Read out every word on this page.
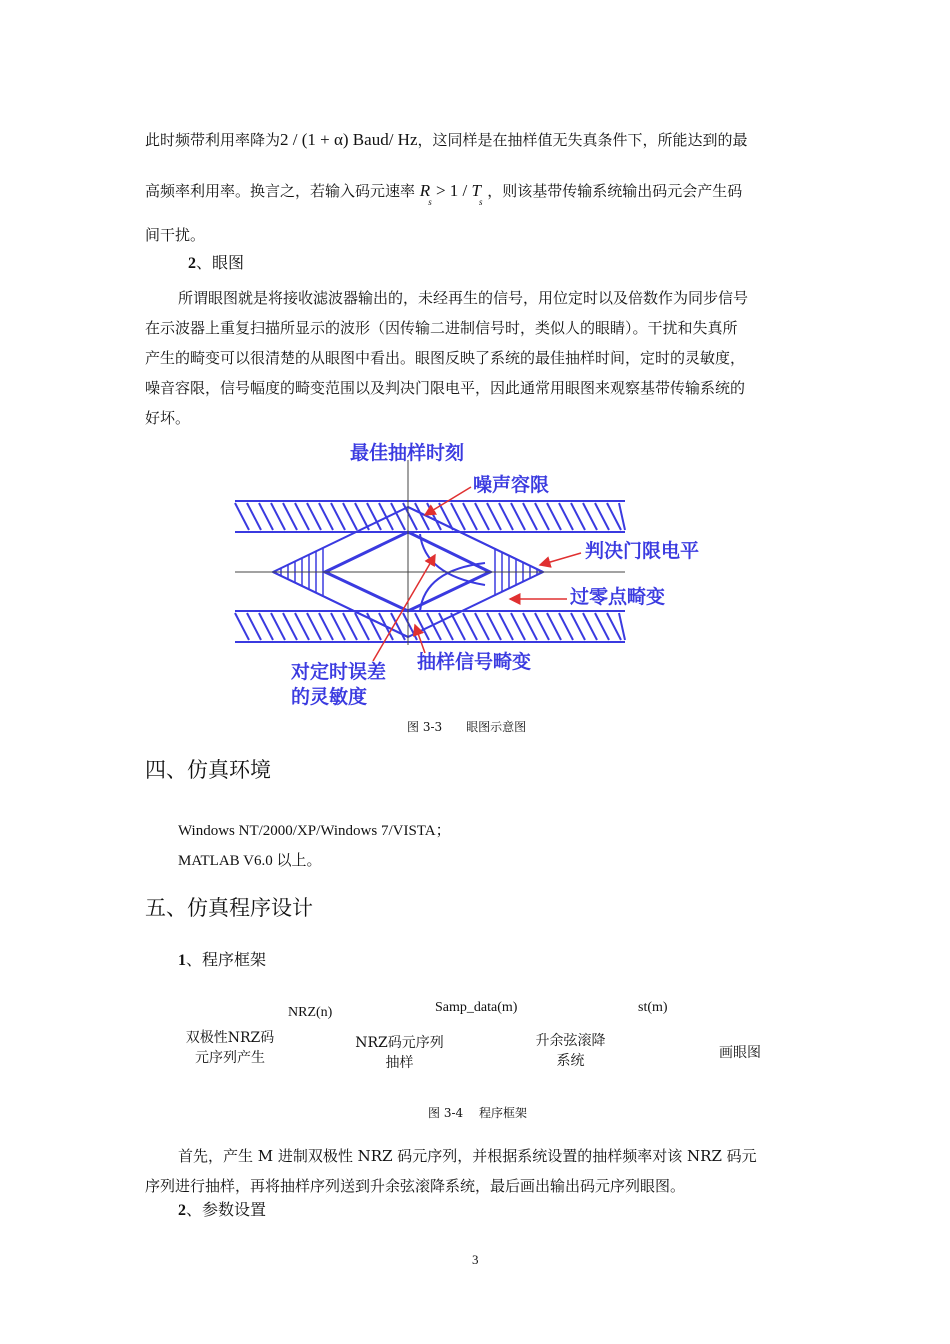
此时频带利用率降为2 / (1 + α) Baud/ Hz，这同样是在抽样值无失真条件下，所能达到的最
高频率利用率。换言之，若输入码元速率 $R_s > 1 / T_s$ ，则该基带传输系统输出码元会产生码
间干扰。
2、眼图
所谓眼图就是将接收滤波器输出的，未经再生的信号，用位定时以及倍数作为同步信号
在示波器上重复扫描所显示的波形（因传输二进制信号时，类似人的眼睛）。干扰和失真所
产生的畸变可以很清楚的从眼图中看出。眼图反映了系统的最佳抽样时间，定时的灵敏度，
噪音容限，信号幅度的畸变范围以及判决门限电平，因此通常用眼图来观察基带传输系统的
好坏。
最佳抽样时刻
噪声容限
判决门限电平
过零点畸变
抽样信号畸变
对定时误差
的灵敏度
图 3-3　　眼图示意图
四、仿真环境
Windows NT/2000/XP/Windows 7/VISTA；
MATLAB V6.0 以上。
五、仿真程序设计
1、程序框架
NRZ(n)	Samp_data(m)	st(m)
双极性NRZ码
元序列产生
NRZ码元序列
抽样
升余弦滚降
系统	画眼图
图 3-4　 程序框架
首先，产生 M 进制双极性 NRZ 码元序列，并根据系统设置的抽样频率对该 NRZ 码元
序列进行抽样，再将抽样序列送到升余弦滚降系统，最后画出输出码元序列眼图。
2、参数设置
3
